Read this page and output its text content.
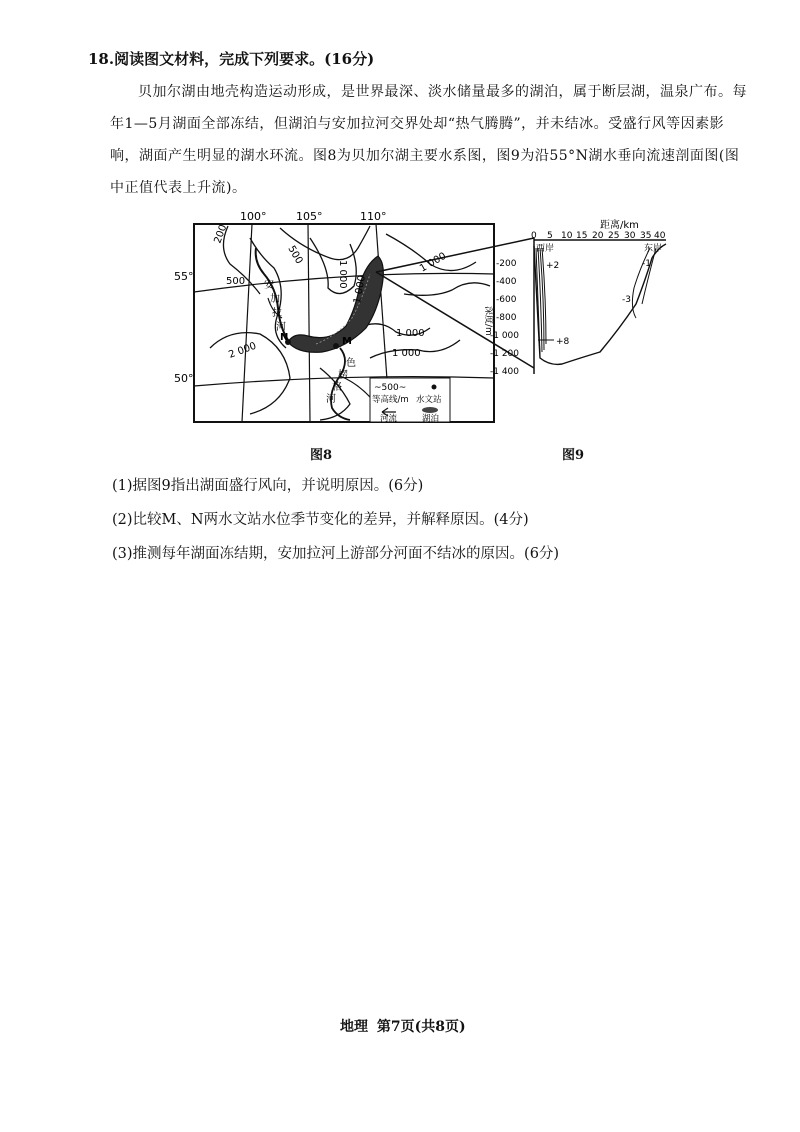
18.阅读图文材料，完成下列要求。(16分)
贝加尔湖由地壳构造运动形成，是世界最深、淡水储量最多的湖泊，属于断层湖，温泉广布。每年1—5月湖面全部冻结，但湖泊与安加拉河交界处却“热气腾腾”，并未结冰。受盛行风等因素影响，湖面产生明显的湖水环流。图8为贝加尔湖主要水系图，图9为沿55°N湖水垂向流速剖面图(图中正值代表上升流)。
100°	105°	110°
55°
50°
200
500
500
1 000	1 000
1 000
2 000
1 000
1 000
安
加
拉
河
色
楞
格
河
N	M
~500~
等高线/m 水文站
河流	湖泊
距离/km
0 5 10 15 20 25 30 35 40
西岸	东岸
深度/m
-200
-400
-600
-800
-1 000
-1 200
-1 400
+2
+8
-1
-3
图8	图9
(1)据图9指出湖面盛行风向，并说明原因。(6分)
(2)比较M、N两水文站水位季节变化的差异，并解释原因。(4分)
(3)推测每年湖面冻结期，安加拉河上游部分河面不结冰的原因。(6分)
地理 第7页(共8页)
